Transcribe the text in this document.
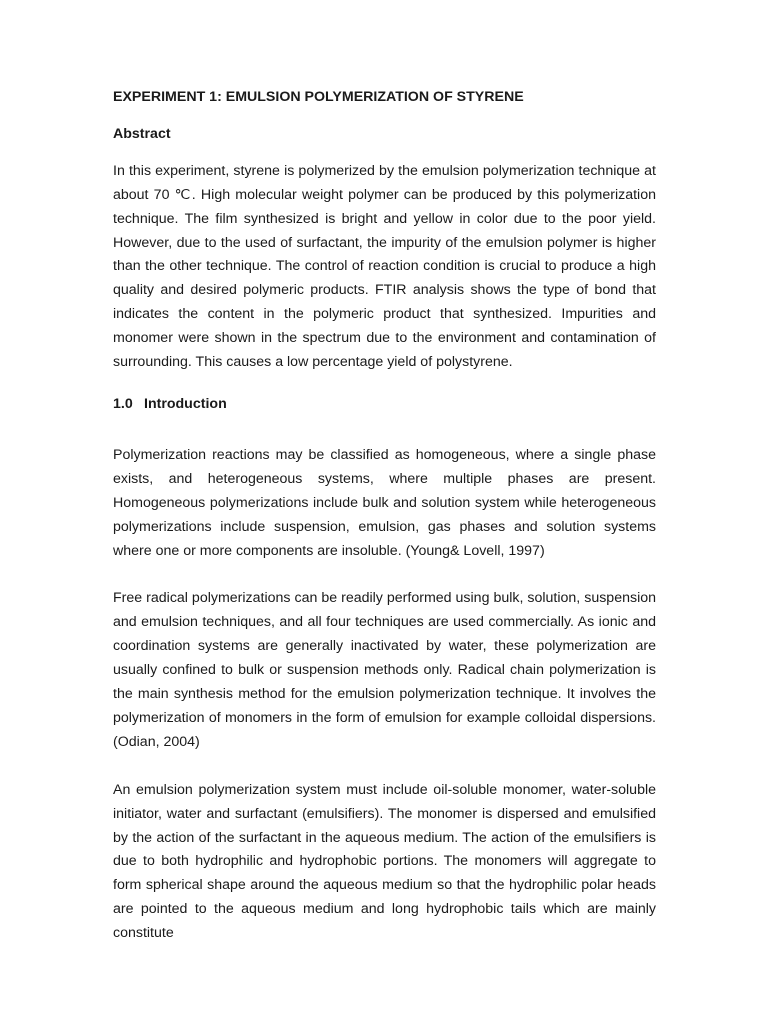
EXPERIMENT 1: EMULSION POLYMERIZATION OF STYRENE
Abstract

In this experiment, styrene is polymerized by the emulsion polymerization technique at about 70 ℃. High molecular weight polymer can be produced by this polymerization technique. The film synthesized is bright and yellow in color due to the poor yield. However, due to the used of surfactant, the impurity of the emulsion polymer is higher than the other technique. The control of reaction condition is crucial to produce a high quality and desired polymeric products. FTIR analysis shows the type of bond that indicates the content in the polymeric product that synthesized. Impurities and monomer were shown in the spectrum due to the environment and contamination of surrounding. This causes a low percentage yield of polystyrene.

1.0 Introduction

Polymerization reactions may be classified as homogeneous, where a single phase exists, and heterogeneous systems, where multiple phases are present. Homogeneous polymerizations include bulk and solution system while heterogeneous polymerizations include suspension, emulsion, gas phases and solution systems where one or more components are insoluble. (Young& Lovell, 1997)

Free radical polymerizations can be readily performed using bulk, solution, suspension and emulsion techniques, and all four techniques are used commercially. As ionic and coordination systems are generally inactivated by water, these polymerization are usually confined to bulk or suspension methods only. Radical chain polymerization is the main synthesis method for the emulsion polymerization technique. It involves the polymerization of monomers in the form of emulsion for example colloidal dispersions. (Odian, 2004)

An emulsion polymerization system must include oil-soluble monomer, water-soluble initiator, water and surfactant (emulsifiers). The monomer is dispersed and emulsified by the action of the surfactant in the aqueous medium. The action of the emulsifiers is due to both hydrophilic and hydrophobic portions. The monomers will aggregate to form spherical shape around the aqueous medium so that the hydrophilic polar heads are pointed to the aqueous medium and long hydrophobic tails which are mainly constitute
